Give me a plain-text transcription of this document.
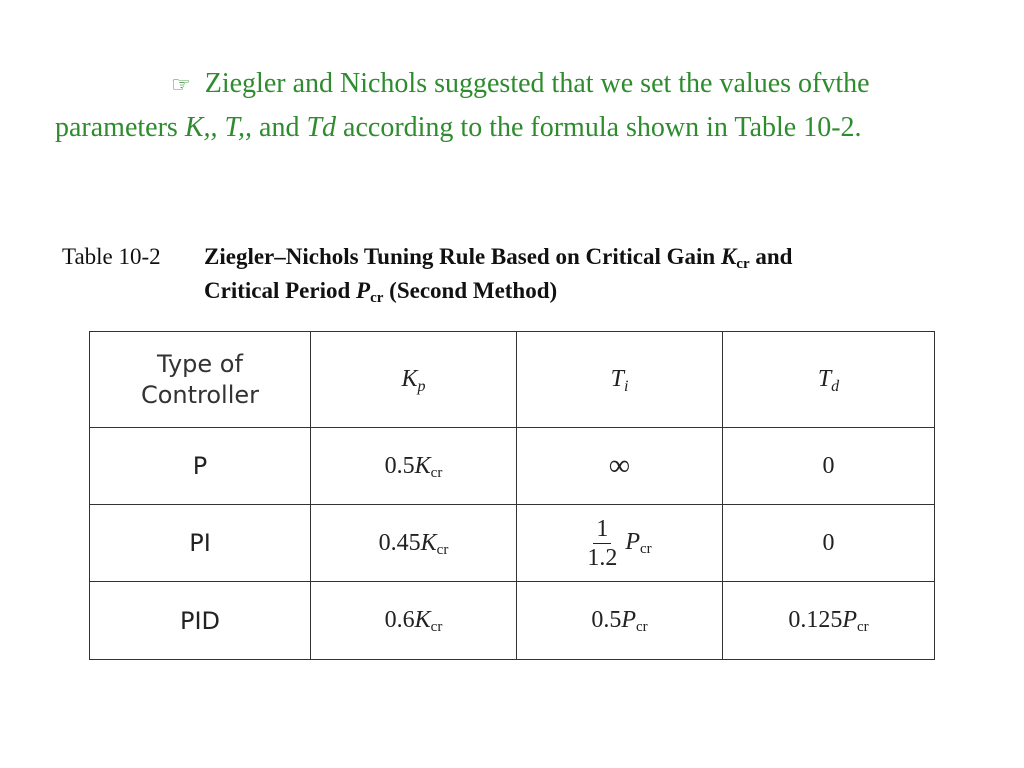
☞ Ziegler and Nichols suggested that we set the values ofvthe parameters K,, T,, and Td according to the formula shown in Table 10-2.
Table 10-2 Ziegler–Nichols Tuning Rule Based on Critical Gain $K_{cr}$ and
Critical Period $P_{cr}$ (Second Method)
Type of
Controller	$K_p$	$T_i$	$T_d$
P	$0.5K_{cr}$	∞	0
PI	$0.45K_{cr}$	$\frac{1}{1.2} P_{cr}$	0
PID	$0.6K_{cr}$	$0.5P_{cr}$	$0.125P_{cr}$
